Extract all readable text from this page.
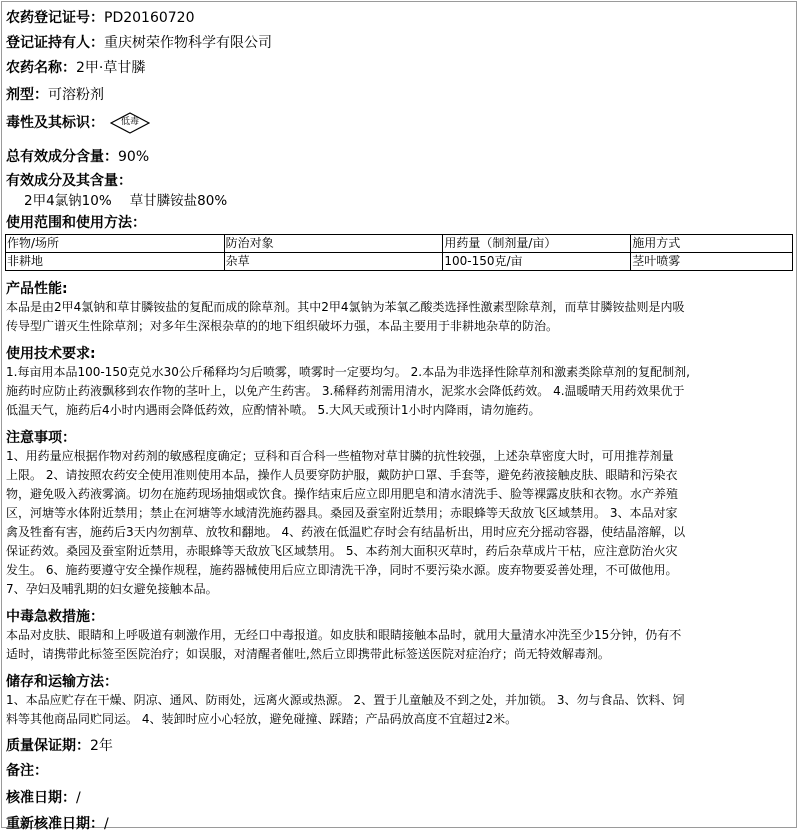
农药登记证号：PD20160720

登记证持有人：重庆树荣作物科学有限公司

农药名称：2甲·草甘膦

剂型：可溶粉剂

毒性及其标识：	低毒

总有效成分含量：90%

有效成分及其含量：

2甲4氯钠10% 草甘膦铵盐80%

使用范围和使用方法：

作物/场所	防治对象	用药量（制剂量/亩）	施用方式
非耕地	杂草	100-150克/亩	茎叶喷雾
产品性能:

本品是由2甲4氯钠和草甘膦铵盐的复配而成的除草剂。其中2甲4氯钠为苯氧乙酸类选择性激素型除草剂，而草甘膦铵盐则是内吸

传导型广谱灭生性除草剂；对多年生深根杂草的的地下组织破坏力强，本品主要用于非耕地杂草的防治。

使用技术要求:

1.每亩用本品100-150克兑水30公斤稀释均匀后喷雾，喷雾时一定要均匀。 2.本品为非选择性除草剂和激素类除草剂的复配制剂,

施药时应防止药液飘移到农作物的茎叶上，以免产生药害。 3.稀释药剂需用清水，泥浆水会降低药效。 4.温暖晴天用药效果优于

低温天气，施药后4小时内遇雨会降低药效，应酌情补喷。 5.大风天或预计1小时内降雨，请勿施药。

注意事项：

1、用药量应根据作物对药剂的敏感程度确定；豆科和百合科一些植物对草甘膦的抗性较强，上述杂草密度大时，可用推荐剂量

上限。 2、请按照农药安全使用准则使用本品，操作人员要穿防护服，戴防护口罩、手套等，避免药液接触皮肤、眼睛和污染衣

物，避免吸入药液雾滴。切勿在施药现场抽烟或饮食。操作结束后应立即用肥皂和清水清洗手、脸等裸露皮肤和衣物。水产养殖

区，河塘等水体附近禁用；禁止在河塘等水域清洗施药器具。桑园及蚕室附近禁用；赤眼蜂等天敌放飞区域禁用。 3、本品对家

禽及牲畜有害，施药后3天内勿割草、放牧和翻地。 4、药液在低温贮存时会有结晶析出，用时应充分摇动容器，使结晶溶解，以

保证药效。桑园及蚕室附近禁用，赤眼蜂等天敌放飞区域禁用。 5、本药剂大面积灭草时，药后杂草成片干枯，应注意防治火灾

发生。 6、施药要遵守安全操作规程，施药器械使用后应立即清洗干净，同时不要污染水源。废弃物要妥善处理，不可做他用。

7、孕妇及哺乳期的妇女避免接触本品。

中毒急救措施：

本品对皮肤、眼睛和上呼吸道有刺激作用，无经口中毒报道。如皮肤和眼睛接触本品时，就用大量清水冲洗至少15分钟，仍有不

适时，请携带此标签至医院治疗；如误服，对清醒者催吐,然后立即携带此标签送医院对症治疗；尚无特效解毒剂。

储存和运输方法：

1、本品应贮存在干燥、阴凉、通风、防雨处，远离火源或热源。 2、置于儿童触及不到之处，并加锁。 3、勿与食品、饮料、饲

料等其他商品同贮同运。 4、装卸时应小心轻放，避免碰撞、踩踏；产品码放高度不宜超过2米。

质量保证期：2年

备注：

核准日期：/

重新核准日期：/
